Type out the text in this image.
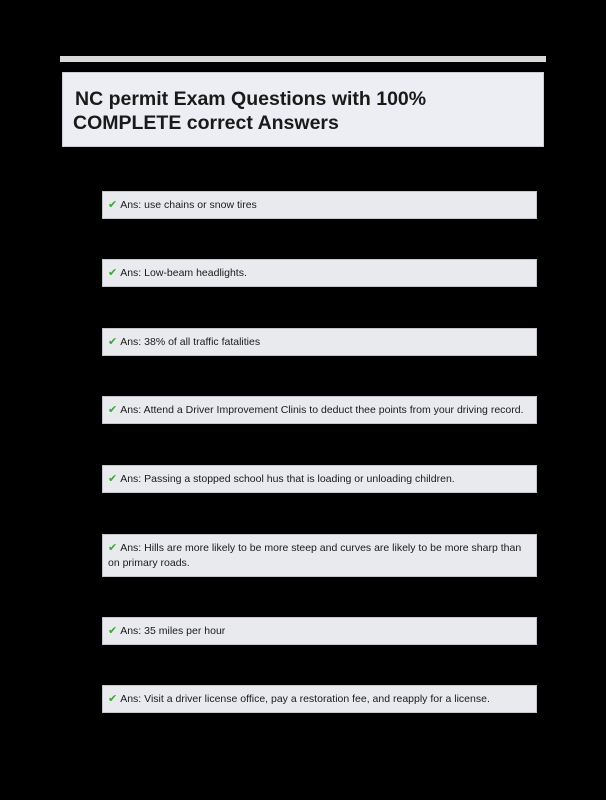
NC permit Exam Questions with 100%
COMPLETE correct Answers
✔ Ans: use chains or snow tires
✔ Ans: Low-beam headlights.
✔ Ans: 38% of all traffic fatalities
✔ Ans: Attend a Driver Improvement Clinis to deduct thee points from your driving record.
✔ Ans: Passing a stopped school hus that is loading or unloading children.
✔ Ans: Hills are more likely to be more steep and curves are likely to be more sharp than on primary roads.
✔ Ans: 35 miles per hour
✔ Ans: Visit a driver license office, pay a restoration fee, and reapply for a license.
